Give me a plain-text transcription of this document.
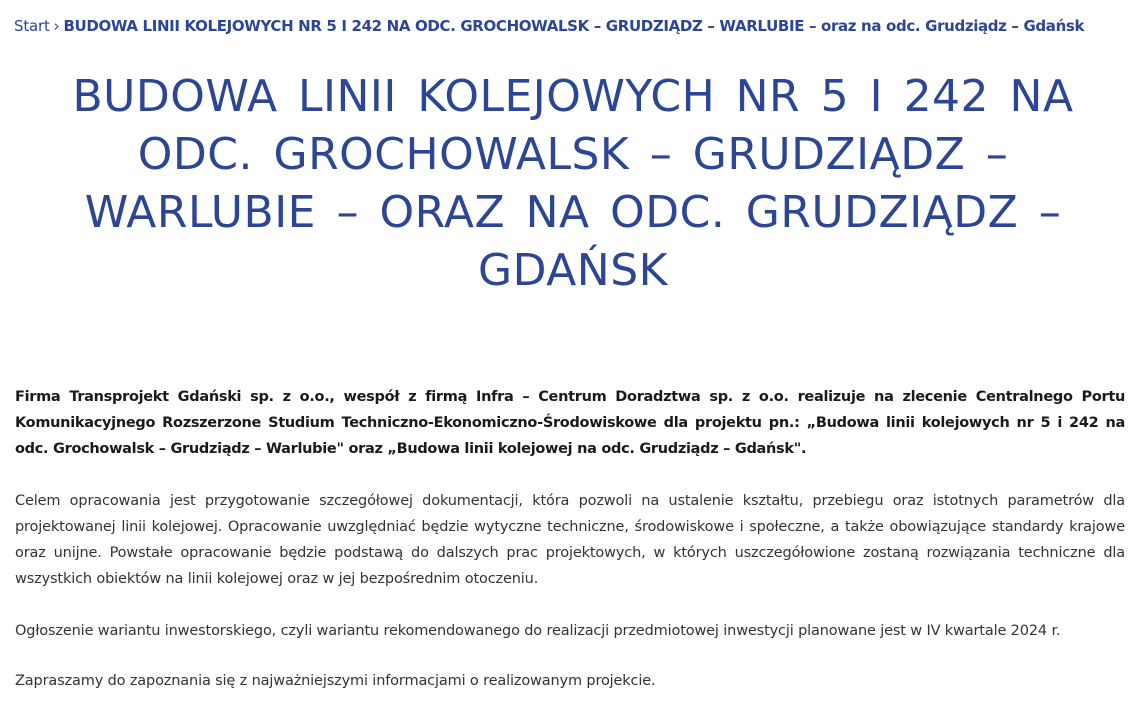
Start › BUDOWA LINII KOLEJOWYCH NR 5 I 242 NA ODC. GROCHOWALSK – GRUDZIĄDZ – WARLUBIE – oraz na odc. Grudziądz – Gdańsk
BUDOWA LINII KOLEJOWYCH NR 5 I 242 NA ODC. GROCHOWALSK – GRUDZIĄDZ – WARLUBIE – ORAZ NA ODC. GRUDZIĄDZ – GDAŃSK

Firma Transprojekt Gdański sp. z o.o., wespół z firmą Infra – Centrum Doradztwa sp. z o.o. realizuje na zlecenie Centralnego Portu Komunikacyjnego Rozszerzone Studium Techniczno-Ekonomiczno-Środowiskowe dla projektu pn.: „Budowa linii kolejowych nr 5 i 242 na odc. Grochowalsk – Grudziądz – Warlubie" oraz „Budowa linii kolejowej na odc. Grudziądz – Gdańsk".

Celem opracowania jest przygotowanie szczegółowej dokumentacji, która pozwoli na ustalenie kształtu, przebiegu oraz istotnych parametrów dla projektowanej linii kolejowej. Opracowanie uwzględniać będzie wytyczne techniczne, środowiskowe i społeczne, a także obowiązujące standardy krajowe oraz unijne. Powstałe opracowanie będzie podstawą do dalszych prac projektowych, w których uszczegółowione zostaną rozwiązania techniczne dla wszystkich obiektów na linii kolejowej oraz w jej bezpośrednim otoczeniu.

Ogłoszenie wariantu inwestorskiego, czyli wariantu rekomendowanego do realizacji przedmiotowej inwestycji planowane jest w IV kwartale 2024 r.

Zapraszamy do zapoznania się z najważniejszymi informacjami o realizowanym projekcie.
